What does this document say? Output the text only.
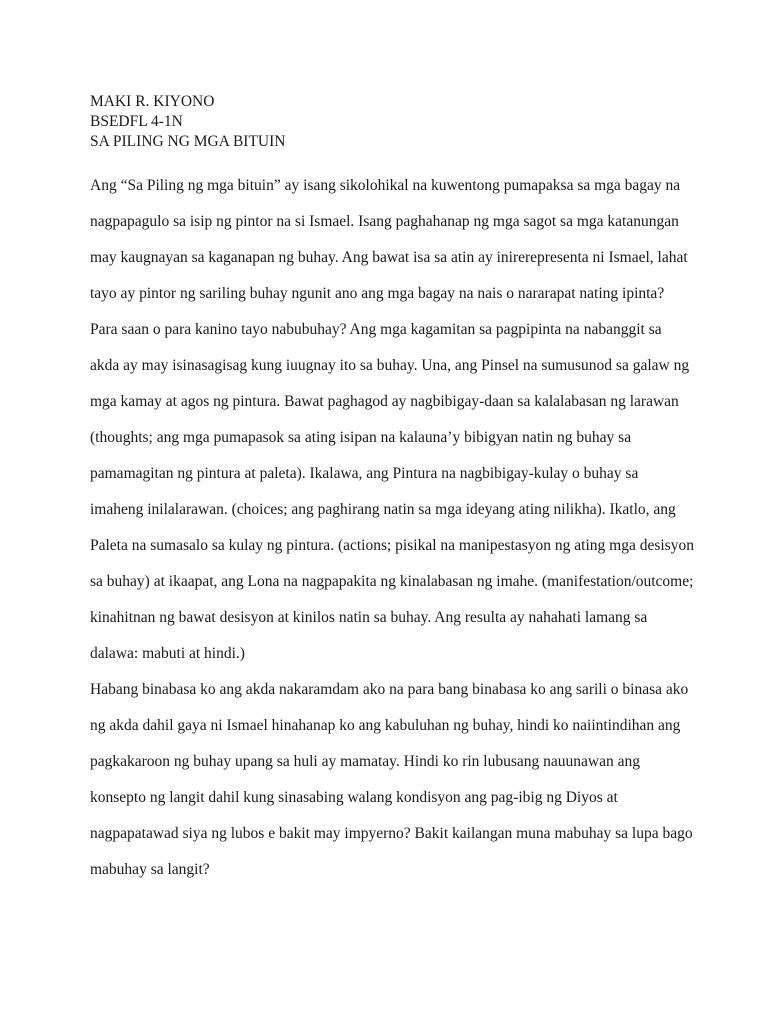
MAKI R. KIYONO

BSEDFL 4-1N

SA PILING NG MGA BITUIN

Ang “Sa Piling ng mga bituin” ay isang sikolohikal na kuwentong pumapaksa sa mga bagay na
nagpapagulo sa isip ng pintor na si Ismael. Isang paghahanap ng mga sagot sa mga katanungan
may kaugnayan sa kaganapan ng buhay. Ang bawat isa sa atin ay inirerepresenta ni Ismael, lahat
tayo ay pintor ng sariling buhay ngunit ano ang mga bagay na nais o nararapat nating ipinta?
Para saan o para kanino tayo nabubuhay? Ang mga kagamitan sa pagpipinta na nabanggit sa
akda ay may isinasagisag kung iuugnay ito sa buhay. Una, ang Pinsel na sumusunod sa galaw ng
mga kamay at agos ng pintura. Bawat paghagod ay nagbibigay-daan sa kalalabasan ng larawan
(thoughts; ang mga pumapasok sa ating isipan na kalauna’y bibigyan natin ng buhay sa
pamamagitan ng pintura at paleta). Ikalawa, ang Pintura na nagbibigay-kulay o buhay sa
imaheng inilalarawan. (choices; ang paghirang natin sa mga ideyang ating nilikha). Ikatlo, ang
Paleta na sumasalo sa kulay ng pintura. (actions; pisikal na manipestasyon ng ating mga desisyon
sa buhay) at ikaapat, ang Lona na nagpapakita ng kinalabasan ng imahe. (manifestation/outcome;
kinahitnan ng bawat desisyon at kinilos natin sa buhay. Ang resulta ay nahahati lamang sa
dalawa: mabuti at hindi.)

Habang binabasa ko ang akda nakaramdam ako na para bang binabasa ko ang sarili o binasa ako
ng akda dahil gaya ni Ismael hinahanap ko ang kabuluhan ng buhay, hindi ko naiintindihan ang
pagkakaroon ng buhay upang sa huli ay mamatay. Hindi ko rin lubusang nauunawan ang
konsepto ng langit dahil kung sinasabing walang kondisyon ang pag-ibig ng Diyos at
nagpapatawad siya ng lubos e bakit may impyerno? Bakit kailangan muna mabuhay sa lupa bago
mabuhay sa langit?
